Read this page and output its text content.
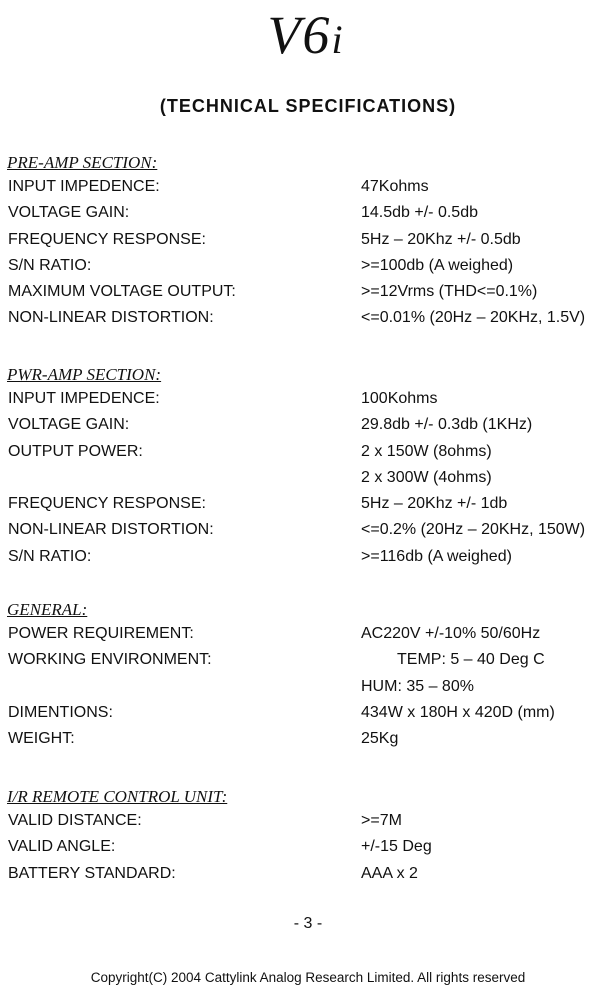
V6i
(TECHNICAL SPECIFICATIONS)
PRE-AMP SECTION:
INPUT IMPEDENCE:	47Kohms
VOLTAGE GAIN:	14.5db +/- 0.5db
FREQUENCY RESPONSE:	5Hz – 20Khz +/- 0.5db
S/N RATIO:	>=100db (A weighed)
MAXIMUM VOLTAGE OUTPUT:	>=12Vrms (THD<=0.1%)
NON-LINEAR DISTORTION:	<=0.01% (20Hz – 20KHz, 1.5V)
PWR-AMP SECTION:
INPUT IMPEDENCE:	100Kohms
VOLTAGE GAIN:	29.8db +/- 0.3db (1KHz)
OUTPUT POWER:	2 x 150W (8ohms)
2 x 300W (4ohms)
FREQUENCY RESPONSE:	5Hz – 20Khz +/- 1db
NON-LINEAR DISTORTION:	<=0.2% (20Hz – 20KHz, 150W)
S/N RATIO:	>=116db (A weighed)
GENERAL:
POWER REQUIREMENT:	AC220V +/-10% 50/60Hz
WORKING ENVIRONMENT:	TEMP: 5 – 40 Deg C
HUM: 35 – 80%
DIMENTIONS:	434W x 180H x 420D (mm)
WEIGHT:	25Kg
I/R REMOTE CONTROL UNIT:
VALID DISTANCE:	>=7M
VALID ANGLE:	+/-15 Deg
BATTERY STANDARD:	AAA x 2
- 3 -
Copyright(C) 2004 Cattylink Analog Research Limited. All rights reserved
